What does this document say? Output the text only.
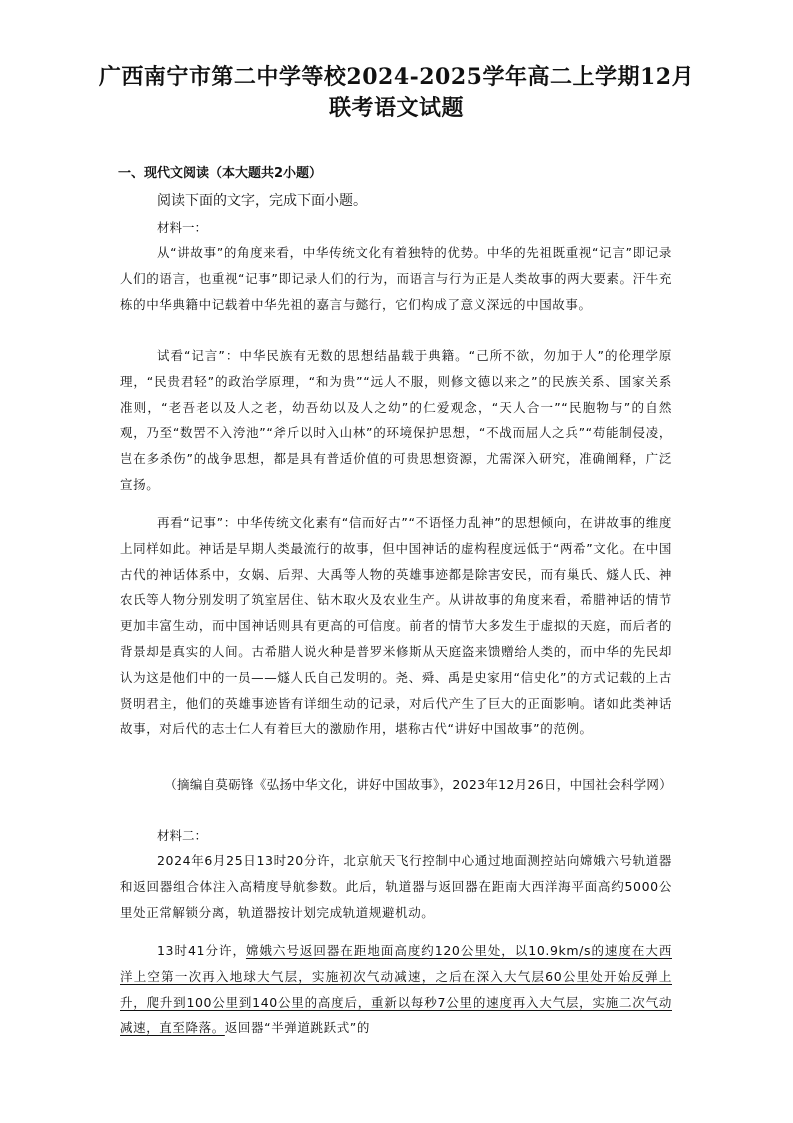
广西南宁市第二中学等校2024-2025学年高二上学期12月
联考语文试题
一、现代文阅读（本大题共2小题）
阅读下面的文字，完成下面小题。
材料一：
从“讲故事”的角度来看，中华传统文化有着独特的优势。中华的先祖既重视“记言”即记录人们的语言，也重视“记事”即记录人们的行为，而语言与行为正是人类故事的两大要素。汗牛充栋的中华典籍中记载着中华先祖的嘉言与懿行，它们构成了意义深远的中国故事。
试看“记言”：中华民族有无数的思想结晶载于典籍。“己所不欲，勿加于人”的伦理学原理，“民贵君轻”的政治学原理，“和为贵”“远人不服，则修文德以来之”的民族关系、国家关系准则，“老吾老以及人之老，幼吾幼以及人之幼”的仁爱观念，“天人合一”“民胞物与”的自然观，乃至“数罟不入洿池”“斧斤以时入山林”的环境保护思想，“不战而屈人之兵”“苟能制侵凌，岂在多杀伤”的战争思想，都是具有普适价值的可贵思想资源，尤需深入研究，准确阐释，广泛宣扬。
再看“记事”：中华传统文化素有“信而好古”“不语怪力乱神”的思想倾向，在讲故事的维度上同样如此。神话是早期人类最流行的故事，但中国神话的虚构程度远低于“两希”文化。在中国古代的神话体系中，女娲、后羿、大禹等人物的英雄事迹都是除害安民，而有巢氏、燧人氏、神农氏等人物分别发明了筑室居住、钻木取火及农业生产。从讲故事的角度来看，希腊神话的情节更加丰富生动，而中国神话则具有更高的可信度。前者的情节大多发生于虚拟的天庭，而后者的背景却是真实的人间。古希腊人说火种是普罗米修斯从天庭盗来馈赠给人类的，而中华的先民却认为这是他们中的一员——燧人氏自己发明的。尧、舜、禹是史家用“信史化”的方式记载的上古贤明君主，他们的英雄事迹皆有详细生动的记录，对后代产生了巨大的正面影响。诸如此类神话故事，对后代的志士仁人有着巨大的激励作用，堪称古代“讲好中国故事”的范例。
（摘编自莫砺锋《弘扬中华文化，讲好中国故事》，2023年12月26日，中国社会科学网）
材料二：
2024年6月25日13时20分许，北京航天飞行控制中心通过地面测控站向嫦娥六号轨道器和返回器组合体注入高精度导航参数。此后，轨道器与返回器在距南大西洋海平面高约5000公里处正常解锁分离，轨道器按计划完成轨道规避机动。
13时41分许，嫦娥六号返回器在距地面高度约120公里处，以10.9km/s的速度在大西洋上空第一次再入地球大气层，实施初次气动减速，之后在深入大气层60公里处开始反弹上升，爬升到100公里到140公里的高度后，重新以每秒7公里的速度再入大气层，实施二次气动减速，直至降落。返回器“半弹道跳跃式”的
